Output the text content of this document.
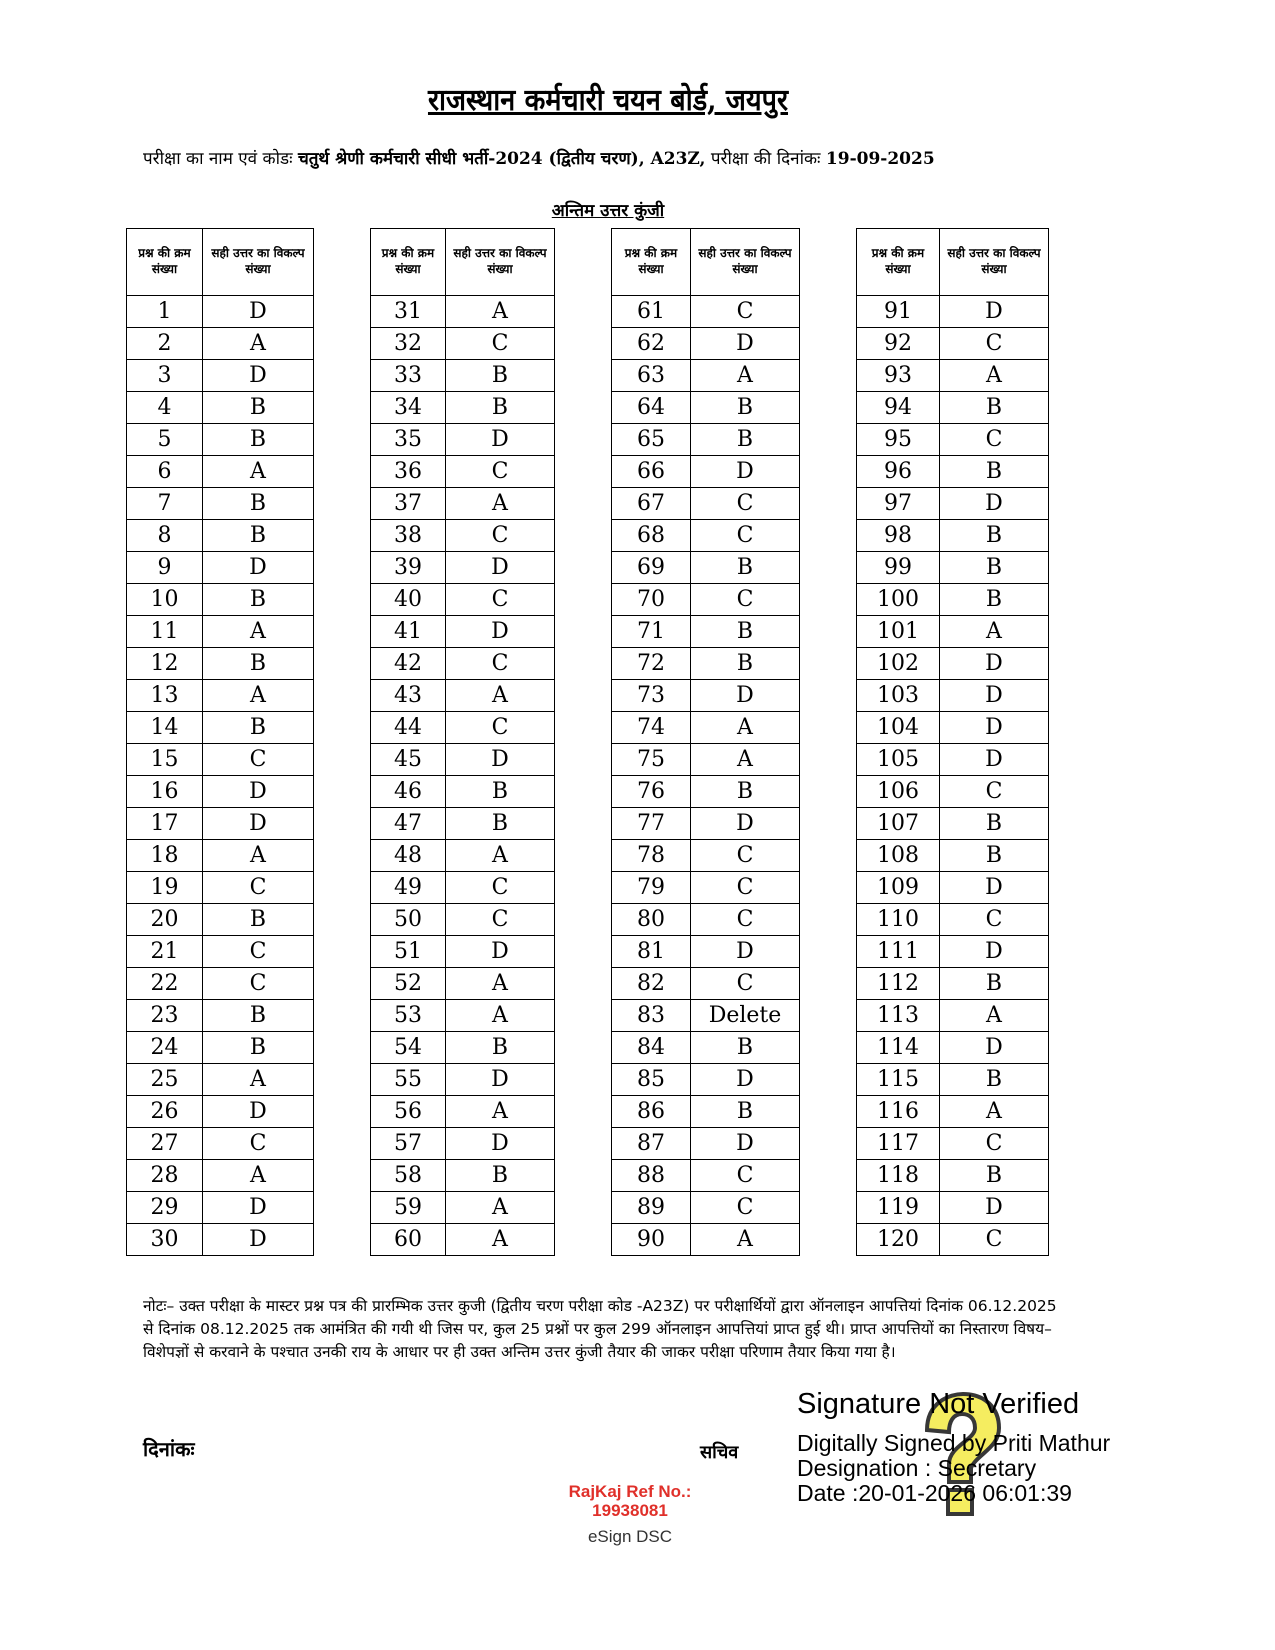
राजस्थान कर्मचारी चयन बोर्ड, जयपुर
परीक्षा का नाम एवं कोडः चतुर्थ श्रेणी कर्मचारी सीधी भर्ती-2024 (द्वितीय चरण), A23Z, परीक्षा की दिनांकः 19-09-2025
अन्तिम उत्तर कुंजी
प्रश्न की क्रम संख्या	सही उत्तर का विकल्प संख्या
1	D
2	A
3	D
4	B
5	B
6	A
7	B
8	B
9	D
10	B
11	A
12	B
13	A
14	B
15	C
16	D
17	D
18	A
19	C
20	B
21	C
22	C
23	B
24	B
25	A
26	D
27	C
28	A
29	D
30	D
प्रश्न की क्रम संख्या	सही उत्तर का विकल्प संख्या
31	A
32	C
33	B
34	B
35	D
36	C
37	A
38	C
39	D
40	C
41	D
42	C
43	A
44	C
45	D
46	B
47	B
48	A
49	C
50	C
51	D
52	A
53	A
54	B
55	D
56	A
57	D
58	B
59	A
60	A
प्रश्न की क्रम संख्या	सही उत्तर का विकल्प संख्या
61	C
62	D
63	A
64	B
65	B
66	D
67	C
68	C
69	B
70	C
71	B
72	B
73	D
74	A
75	A
76	B
77	D
78	C
79	C
80	C
81	D
82	C
83	Delete
84	B
85	D
86	B
87	D
88	C
89	C
90	A
प्रश्न की क्रम संख्या	सही उत्तर का विकल्प संख्या
91	D
92	C
93	A
94	B
95	C
96	B
97	D
98	B
99	B
100	B
101	A
102	D
103	D
104	D
105	D
106	C
107	B
108	B
109	D
110	C
111	D
112	B
113	A
114	D
115	B
116	A
117	C
118	B
119	D
120	C
नोटः– उक्त परीक्षा के मास्टर प्रश्न पत्र की प्रारम्भिक उत्तर कुजी (द्वितीय चरण परीक्षा कोड -A23Z) पर परीक्षार्थियों द्वारा ऑनलाइन आपत्तियां दिनांक 06.12.2025 से दिनांक 08.12.2025 तक आमंत्रित की गयी थी जिस पर, कुल 25 प्रश्नों पर कुल 299 ऑनलाइन आपत्तियां प्राप्त हुई थी। प्राप्त आपत्तियों का निस्तारण विषय–विशेपज्ञों से करवाने के पश्चात उनकी राय के आधार पर ही उक्त अन्तिम उत्तर कुंजी तैयार की जाकर परीक्षा परिणाम तैयार किया गया है।
दिनांकः	सचिव
Signature Not Verified
Digitally Signed by Priti Mathur
Designation : Secretary
Date :20-01-2026 06:01:39
RajKaj Ref No.:
19938081
eSign DSC
